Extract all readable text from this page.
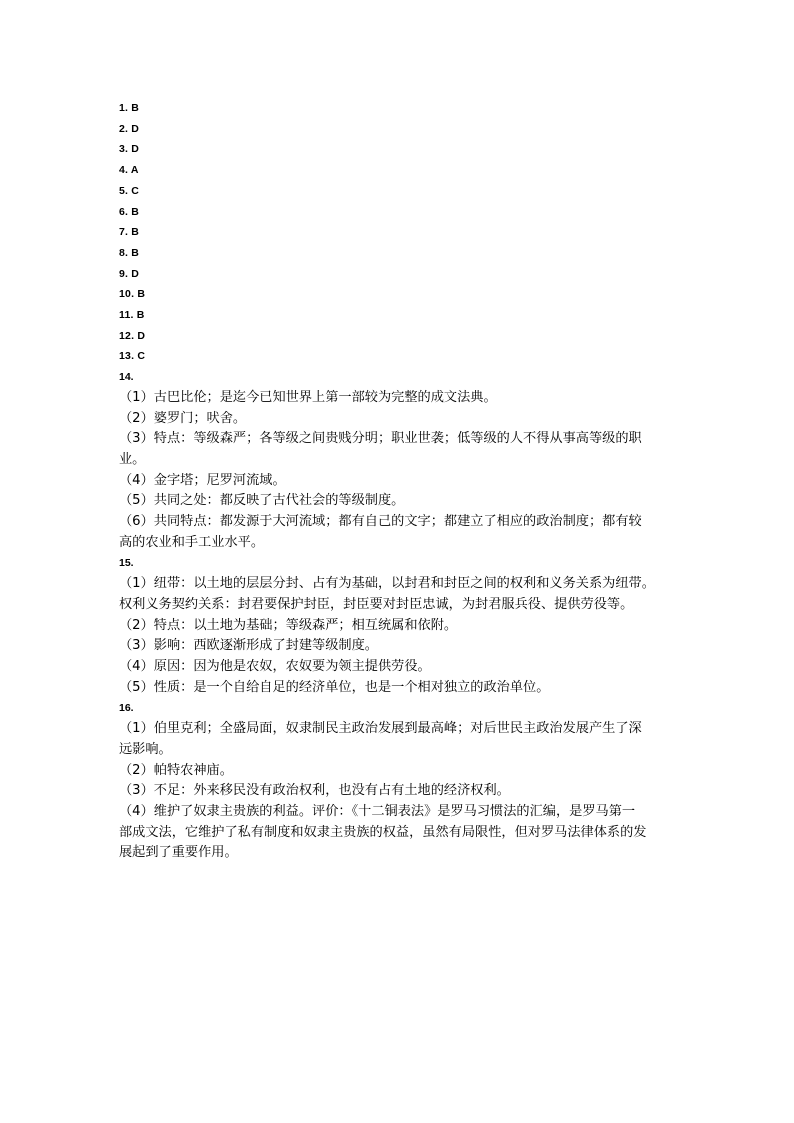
1. B
2. D
3. D
4. A
5. C
6. B
7. B
8. B
9. D
10. B
11. B
12. D
13. C
14.
（1）古巴比伦；是迄今已知世界上第一部较为完整的成文法典。
（2）婆罗门；吠舍。
（3）特点：等级森严；各等级之间贵贱分明；职业世袭；低等级的人不得从事高等级的职
业。
（4）金字塔；尼罗河流域。
（5）共同之处：都反映了古代社会的等级制度。
（6）共同特点：都发源于大河流域；都有自己的文字；都建立了相应的政治制度；都有较
高的农业和手工业水平。
15.
（1）纽带：以土地的层层分封、占有为基础，以封君和封臣之间的权利和义务关系为纽带。
权利义务契约关系：封君要保护封臣，封臣要对封臣忠诚，为封君服兵役、提供劳役等。
（2）特点：以土地为基础；等级森严；相互统属和依附。
（3）影响：西欧逐渐形成了封建等级制度。
（4）原因：因为他是农奴，农奴要为领主提供劳役。
（5）性质：是一个自给自足的经济单位，也是一个相对独立的政治单位。
16.
（1）伯里克利；全盛局面，奴隶制民主政治发展到最高峰；对后世民主政治发展产生了深
远影响。
（2）帕特农神庙。
（3）不足：外来移民没有政治权利，也没有占有土地的经济权利。
（4）维护了奴隶主贵族的利益。评价：《十二铜表法》是罗马习惯法的汇编，是罗马第一
部成文法，它维护了私有制度和奴隶主贵族的权益，虽然有局限性，但对罗马法律体系的发
展起到了重要作用。
